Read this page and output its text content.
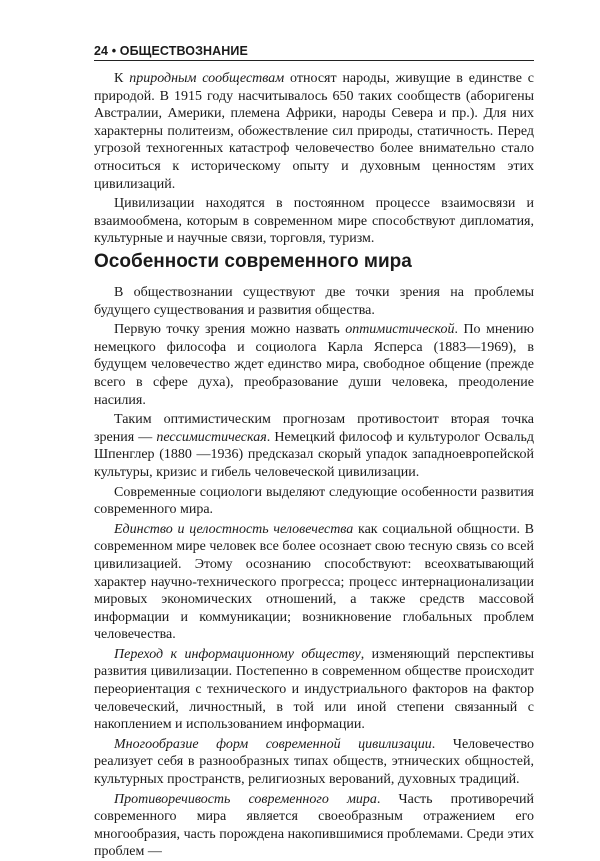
24 • ОБЩЕСТВОЗНАНИЕ

К природным сообществам относят народы, живущие в единстве с природой. В 1915 году насчитывалось 650 таких сообществ (аборигены Австралии, Америки, племена Африки, народы Севера и пр.). Для них характерны политеизм, обожествление сил природы, статичность. Перед угрозой техногенных катастроф человечество более внимательно стало относиться к историческому опыту и духовным ценностям этих цивилизаций.

Цивилизации находятся в постоянном процессе взаимосвязи и взаимообмена, которым в современном мире способствуют дипломатия, культурные и научные связи, торговля, туризм.

Особенности современного мира

В обществознании существуют две точки зрения на проблемы будущего существования и развития общества.

Первую точку зрения можно назвать оптимистической. По мнению немецкого философа и социолога Карла Ясперса (1883—1969), в будущем человечество ждет единство мира, свободное общение (прежде всего в сфере духа), преобразование души человека, преодоление насилия.

Таким оптимистическим прогнозам противостоит вторая точка зрения — пессимистическая. Немецкий философ и культуролог Освальд Шпенглер (1880 —1936) предсказал скорый упадок западноевропейской культуры, кризис и гибель человеческой цивилизации.

Современные социологи выделяют следующие особенности развития современного мира.

Единство и целостность человечества как социальной общности. В современном мире человек все более осознает свою тесную связь со всей цивилизацией. Этому осознанию способствуют: всеохватывающий характер научно-технического прогресса; процесс интернационализации мировых экономических отношений, а также средств массовой информации и коммуникации; возникновение глобальных проблем человечества.

Переход к информационному обществу, изменяющий перспективы развития цивилизации. Постепенно в современном обществе происходит переориентация с технического и индустриального факторов на фактор человеческий, личностный, в той или иной степени связанный с накоплением и использованием информации.

Многообразие форм современной цивилизации. Человечество реализует себя в разнообразных типах обществ, этнических общностей, культурных пространств, религиозных верований, духовных традиций.

Противоречивость современного мира. Часть противоречий современного мира является своеобразным отражением его многообразия, часть порождена накопившимися проблемами. Среди этих проблем —
